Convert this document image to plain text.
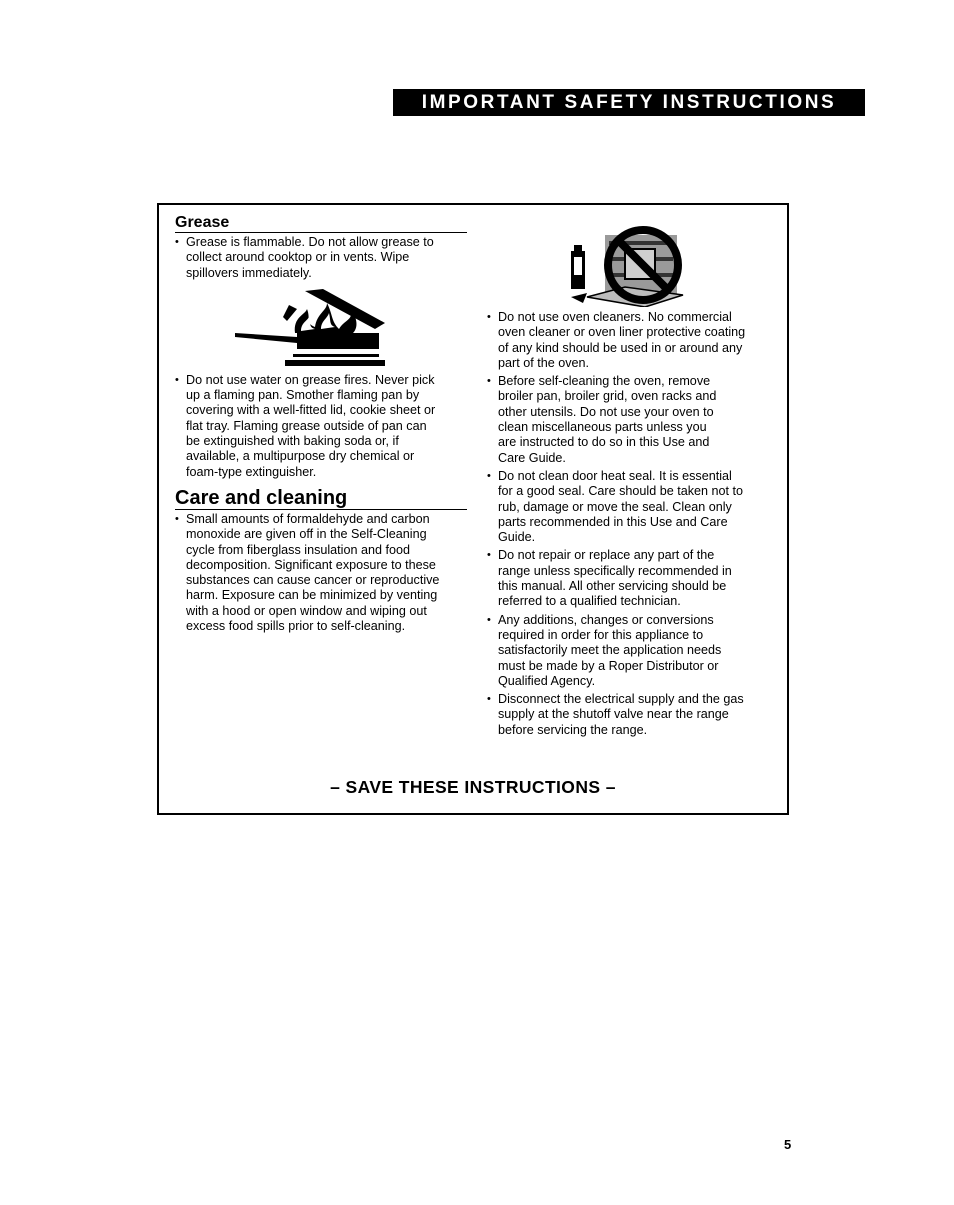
IMPORTANT SAFETY INSTRUCTIONS
Grease

• Grease is flammable. Do not allow grease to
collect around cooktop or in vents. Wipe
spillovers immediately.

• Do not use water on grease fires. Never pick
up a flaming pan. Smother flaming pan by
covering with a well-fitted lid, cookie sheet or
flat tray. Flaming grease outside of pan can
be extinguished with baking soda or, if
available, a multipurpose dry chemical or
foam-type extinguisher.

Care and cleaning

• Small amounts of formaldehyde and carbon
monoxide are given off in the Self-Cleaning
cycle from fiberglass insulation and food
decomposition. Significant exposure to these
substances can cause cancer or reproductive
harm. Exposure can be minimized by venting
with a hood or open window and wiping out
excess food spills prior to self-cleaning.

• Do not use oven cleaners. No commercial
oven cleaner or oven liner protective coating
of any kind should be used in or around any
part of the oven.

• Before self-cleaning the oven, remove
broiler pan, broiler grid, oven racks and
other utensils. Do not use your oven to
clean miscellaneous parts unless you
are instructed to do so in this Use and
Care Guide.

• Do not clean door heat seal. It is essential
for a good seal. Care should be taken not to
rub, damage or move the seal. Clean only
parts recommended in this Use and Care
Guide.

• Do not repair or replace any part of the
range unless specifically recommended in
this manual. All other servicing should be
referred to a qualified technician.

• Any additions, changes or conversions
required in order for this appliance to
satisfactorily meet the application needs
must be made by a Roper Distributor or
Qualified Agency.

• Disconnect the electrical supply and the gas
supply at the shutoff valve near the range
before servicing the range.

– SAVE THESE INSTRUCTIONS –
5
